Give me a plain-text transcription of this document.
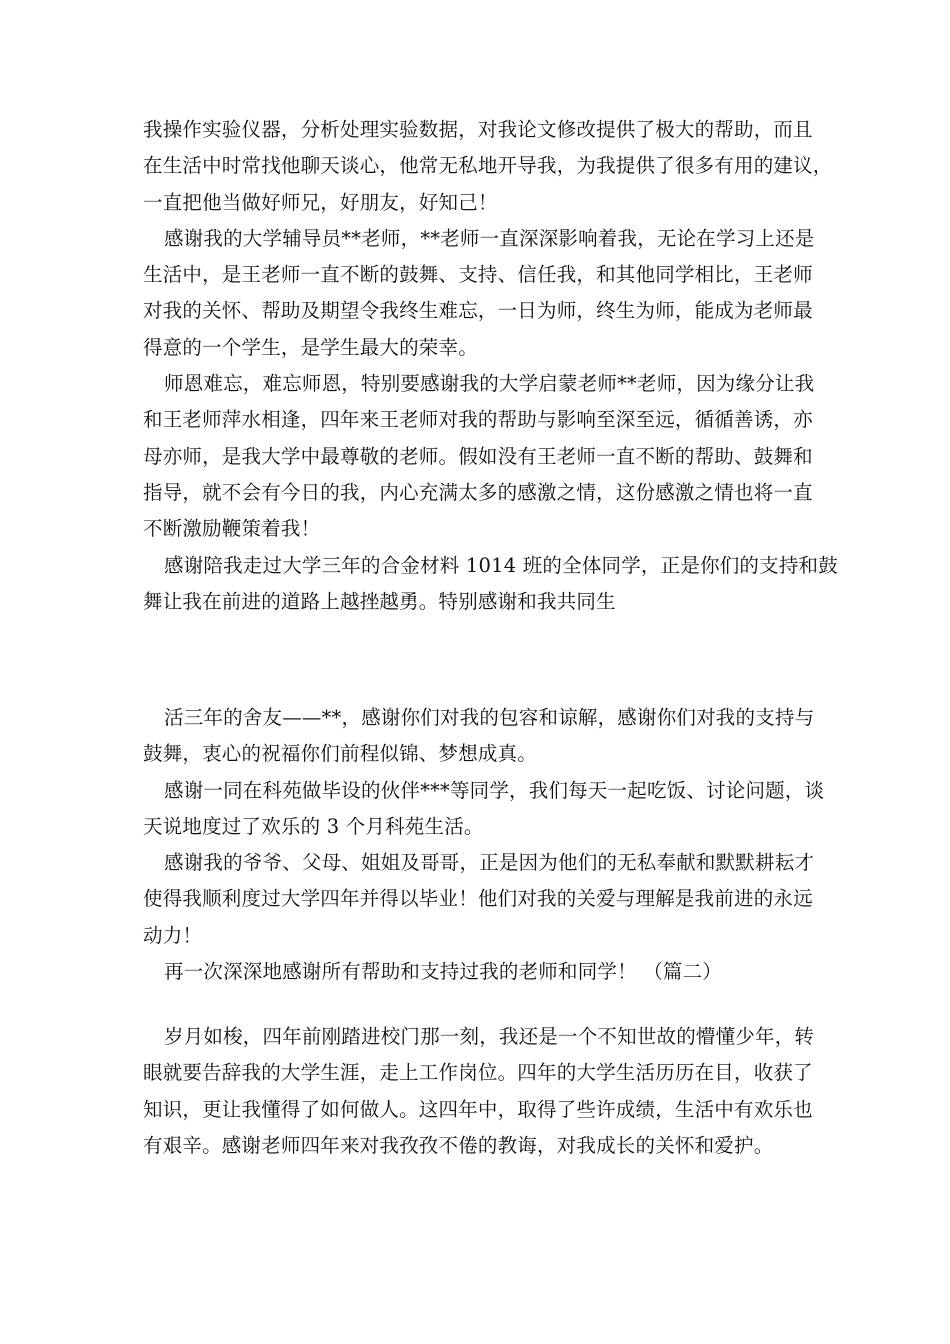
我操作实验仪器，分析处理实验数据，对我论文修改提供了极大的帮助，而且
在生活中时常找他聊天谈心，他常无私地开导我，为我提供了很多有用的建议，
一直把他当做好师兄，好朋友，好知己！
感谢我的大学辅导员**老师，**老师一直深深影响着我，无论在学习上还是
生活中，是王老师一直不断的鼓舞、支持、信任我，和其他同学相比，王老师
对我的关怀、帮助及期望令我终生难忘，一日为师，终生为师，能成为老师最
得意的一个学生，是学生最大的荣幸。
师恩难忘，难忘师恩，特别要感谢我的大学启蒙老师**老师，因为缘分让我
和王老师萍水相逢，四年来王老师对我的帮助与影响至深至远，循循善诱，亦
母亦师，是我大学中最尊敬的老师。假如没有王老师一直不断的帮助、鼓舞和
指导，就不会有今日的我，内心充满太多的感激之情，这份感激之情也将一直
不断激励鞭策着我！
感谢陪我走过大学三年的合金材料 1014 班的全体同学，正是你们的支持和鼓
舞让我在前进的道路上越挫越勇。特别感谢和我共同生
活三年的舍友——**，感谢你们对我的包容和谅解，感谢你们对我的支持与
鼓舞，衷心的祝福你们前程似锦、梦想成真。
感谢一同在科苑做毕设的伙伴***等同学，我们每天一起吃饭、讨论问题，谈
天说地度过了欢乐的 3 个月科苑生活。
感谢我的爷爷、父母、姐姐及哥哥，正是因为他们的无私奉献和默默耕耘才
使得我顺利度过大学四年并得以毕业！他们对我的关爱与理解是我前进的永远
动力！
再一次深深地感谢所有帮助和支持过我的老师和同学！ （篇二）
岁月如梭，四年前刚踏进校门那一刻，我还是一个不知世故的懵懂少年，转
眼就要告辞我的大学生涯，走上工作岗位。四年的大学生活历历在目，收获了
知识，更让我懂得了如何做人。这四年中，取得了些许成绩，生活中有欢乐也
有艰辛。感谢老师四年来对我孜孜不倦的教诲，对我成长的关怀和爱护。
